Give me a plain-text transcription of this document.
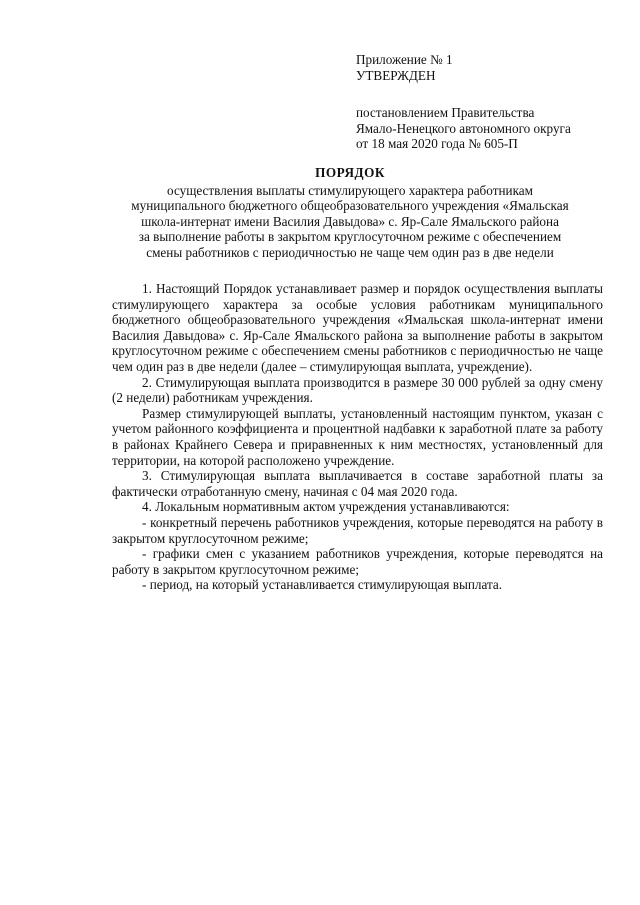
Приложение № 1
УТВЕРЖДЕН
постановлением Правительства
Ямало-Ненецкого автономного округа
от 18 мая 2020 года № 605-П
ПОРЯДОК
осуществления выплаты стимулирующего характера работникам
муниципального бюджетного общеобразовательного учреждения «Ямальская
школа-интернат имени Василия Давыдова» с. Яр-Сале Ямальского района
за выполнение работы в закрытом круглосуточном режиме с обеспечением
смены работников с периодичностью не чаще чем один раз в две недели

1. Настоящий Порядок устанавливает размер и порядок осуществления выплаты стимулирующего характера за особые условия работникам муниципального бюджетного общеобразовательного учреждения «Ямальская школа-интернат имени Василия Давыдова» с. Яр-Сале Ямальского района за выполнение работы в закрытом круглосуточном режиме с обеспечением смены работников с периодичностью не чаще чем один раз в две недели (далее – стимулирующая выплата, учреждение).

2. Стимулирующая выплата производится в размере 30 000 рублей за одну смену (2 недели) работникам учреждения.

Размер стимулирующей выплаты, установленный настоящим пунктом, указан с учетом районного коэффициента и процентной надбавки к заработной плате за работу в районах Крайнего Севера и приравненных к ним местностях, установленный для территории, на которой расположено учреждение.

3. Стимулирующая выплата выплачивается в составе заработной платы за фактически отработанную смену, начиная с 04 мая 2020 года.

4. Локальным нормативным актом учреждения устанавливаются:

- конкретный перечень работников учреждения, которые переводятся на работу в закрытом круглосуточном режиме;

- графики смен с указанием работников учреждения, которые переводятся на работу в закрытом круглосуточном режиме;

- период, на который устанавливается стимулирующая выплата.
